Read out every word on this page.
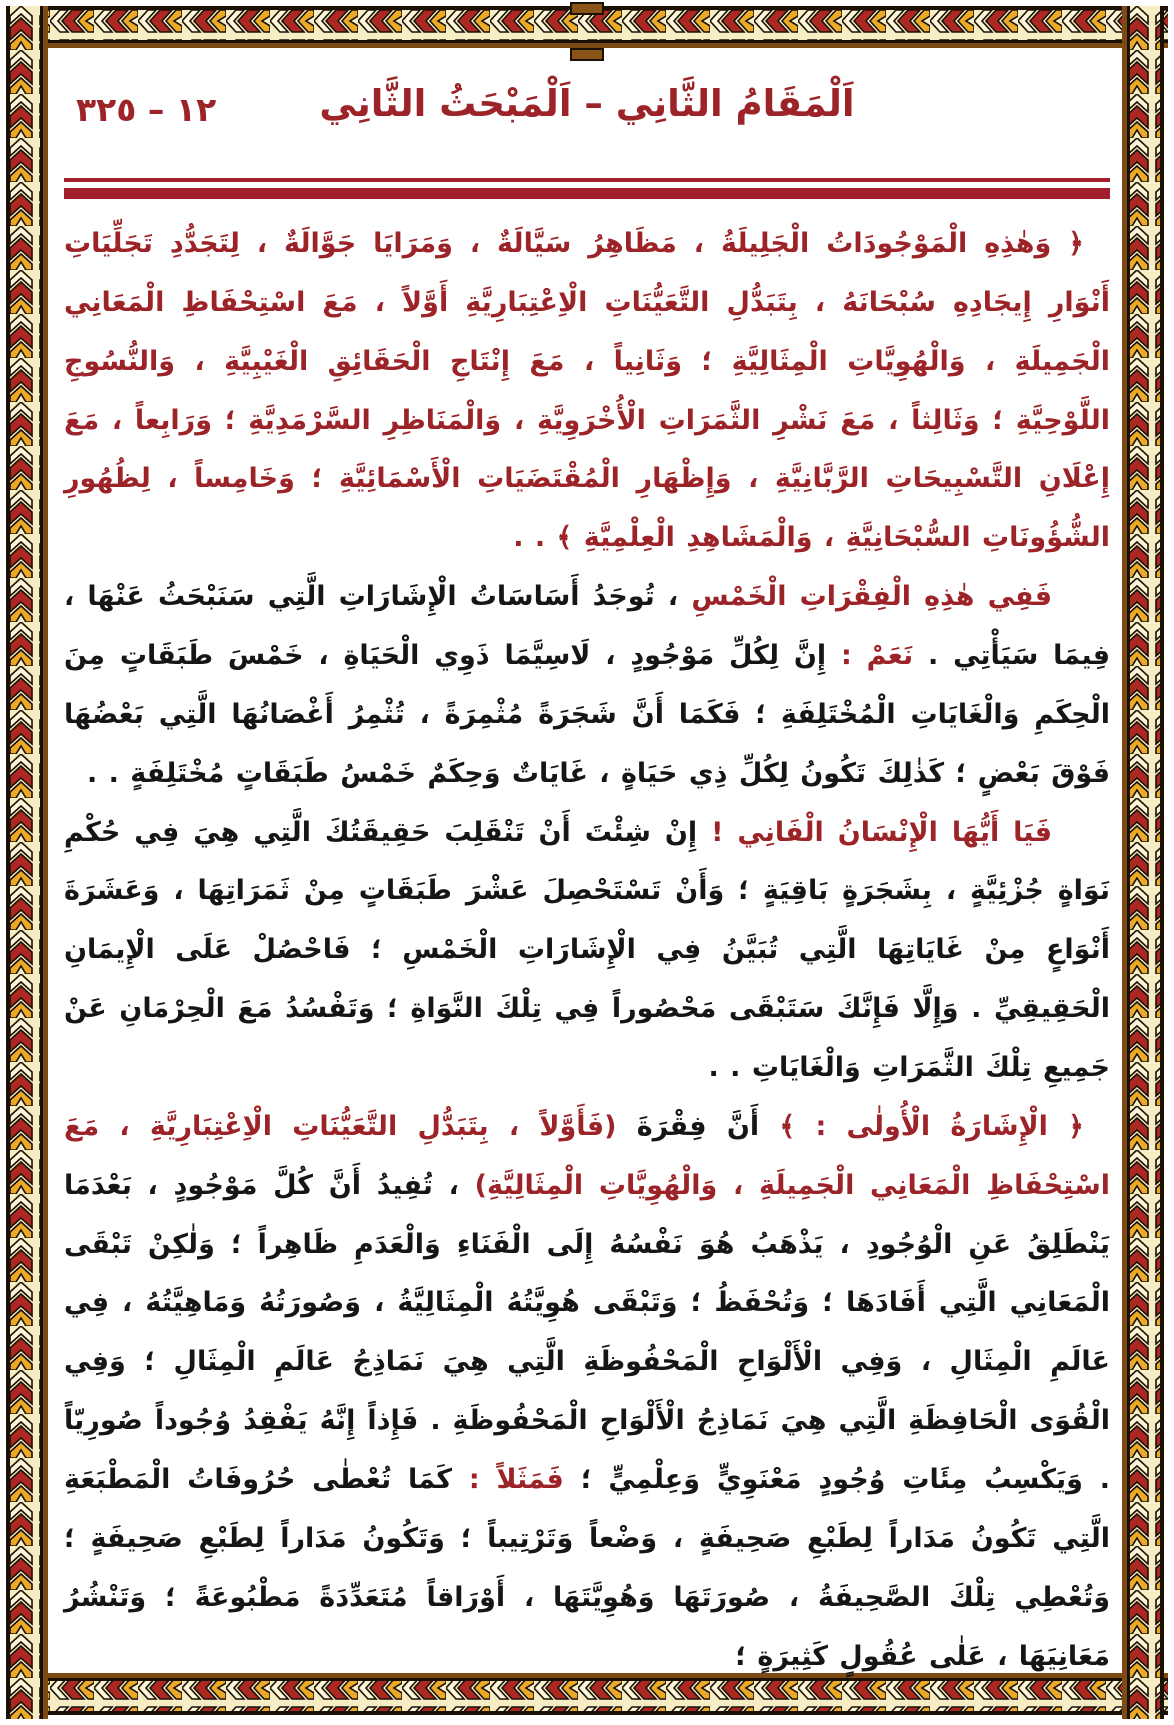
١٢ – ٣٢٥	اَلْمَقَامُ الثَّانِي – اَلْمَبْحَثُ الثَّانِي

﴿ وَهٰذِهِ الْمَوْجُودَاتُ الْجَلِيلَةُ ، مَظَاهِرُ سَيَّالَةٌ ، وَمَرَايَا جَوَّالَةٌ ، لِتَجَدُّدِ تَجَلِّيَاتِ أَنْوَارِ إِيجَادِهِ سُبْحَانَهُ ، بِتَبَدُّلِ التَّعَيُّنَاتِ الْاِعْتِبَارِيَّةِ أَوَّلاً ، مَعَ اسْتِحْفَاظِ الْمَعَانِي الْجَمِيلَةِ ، وَالْهُوِيَّاتِ الْمِثَالِيَّةِ ؛ وَثَانِياً ، مَعَ إِنْتَاجِ الْحَقَائِقِ الْغَيْبِيَّةِ ، وَالنُّسُوجِ اللَّوْحِيَّةِ ؛ وَثَالِثاً ، مَعَ نَشْرِ الثَّمَرَاتِ الْأُخْرَوِيَّةِ ، وَالْمَنَاظِرِ السَّرْمَدِيَّةِ ؛ وَرَابِعاً ، مَعَ إِعْلَانِ التَّسْبِيحَاتِ الرَّبَّانِيَّةِ ، وَإِظْهَارِ الْمُقْتَضَيَاتِ الْأَسْمَائِيَّةِ ؛ وَخَامِساً ، لِظُهُورِ الشُّؤُونَاتِ السُّبْحَانِيَّةِ ، وَالْمَشَاهِدِ الْعِلْمِيَّةِ ﴾ . .

فَفِي هٰذِهِ الْفِقْرَاتِ الْخَمْسِ ، تُوجَدُ أَسَاسَاتُ الْإِشَارَاتِ الَّتِي سَنَبْحَثُ عَنْهَا ، فِيمَا سَيَأْتِي . نَعَمْ : إِنَّ لِكُلِّ مَوْجُودٍ ، لَاسِيَّمَا ذَوِي الْحَيَاةِ ، خَمْسَ طَبَقَاتٍ مِنَ الْحِكَمِ وَالْغَايَاتِ الْمُخْتَلِفَةِ ؛ فَكَمَا أَنَّ شَجَرَةً مُثْمِرَةً ، تُثْمِرُ أَغْصَانُهَا الَّتِي بَعْضُهَا فَوْقَ بَعْضٍ ؛ كَذٰلِكَ تَكُونُ لِكُلِّ ذِي حَيَاةٍ ، غَايَاتٌ وَحِكَمٌ خَمْسُ طَبَقَاتٍ مُخْتَلِفَةٍ . .

فَيَا أَيُّهَا الْإِنْسَانُ الْفَانِي ! إِنْ شِئْتَ أَنْ تَنْقَلِبَ حَقِيقَتُكَ الَّتِي هِيَ فِي حُكْمِ نَوَاةٍ جُزْئِيَّةٍ ، بِشَجَرَةٍ بَاقِيَةٍ ؛ وَأَنْ تَسْتَحْصِلَ عَشْرَ طَبَقَاتٍ مِنْ ثَمَرَاتِهَا ، وَعَشَرَةَ أَنْوَاعٍ مِنْ غَايَاتِهَا الَّتِي تُبَيَّنُ فِي الْإِشَارَاتِ الْخَمْسِ ؛ فَاحْصُلْ عَلَى الْإِيمَانِ الْحَقِيقِيِّ . وَإِلَّا فَإِنَّكَ سَتَبْقَى مَحْصُوراً فِي تِلْكَ النَّوَاةِ ؛ وَتَفْسُدُ مَعَ الْحِرْمَانِ عَنْ جَمِيعِ تِلْكَ الثَّمَرَاتِ وَالْغَايَاتِ . .

﴿ الْإِشَارَةُ الْأُولٰى : ﴾ أَنَّ فِقْرَةَ (فَأَوَّلاً ، بِتَبَدُّلِ التَّعَيُّنَاتِ الْاِعْتِبَارِيَّةِ ، مَعَ اسْتِحْفَاظِ الْمَعَانِي الْجَمِيلَةِ ، وَالْهُوِيَّاتِ الْمِثَالِيَّةِ) ، تُفِيدُ أَنَّ كُلَّ مَوْجُودٍ ، بَعْدَمَا يَنْطَلِقُ عَنِ الْوُجُودِ ، يَذْهَبُ هُوَ نَفْسُهُ إِلَى الْفَنَاءِ وَالْعَدَمِ ظَاهِراً ؛ وَلٰكِنْ تَبْقَى الْمَعَانِي الَّتِي أَفَادَهَا ؛ وَتُحْفَظُ ؛ وَتَبْقَى هُوِيَّتُهُ الْمِثَالِيَّةُ ، وَصُورَتُهُ وَمَاهِيَّتُهُ ، فِي عَالَمِ الْمِثَالِ ، وَفِي الْأَلْوَاحِ الْمَحْفُوظَةِ الَّتِي هِيَ نَمَاذِجُ عَالَمِ الْمِثَالِ ؛ وَفِي الْقُوَى الْحَافِظَةِ الَّتِي هِيَ نَمَاذِجُ الْأَلْوَاحِ الْمَحْفُوظَةِ . فَإِذاً إِنَّهُ يَفْقِدُ وُجُوداً صُورِيّاً . وَيَكْسِبُ مِئَاتِ وُجُودٍ مَعْنَوِيٍّ وَعِلْمِيٍّ ؛ فَمَثَلاً : كَمَا تُعْطٰى حُرُوفَاتُ الْمَطْبَعَةِ الَّتِي تَكُونُ مَدَاراً لِطَبْعِ صَحِيفَةٍ ، وَضْعاً وَتَرْتِيباً ؛ وَتَكُونُ مَدَاراً لِطَبْعِ صَحِيفَةٍ ؛ وَتُعْطِي تِلْكَ الصَّحِيفَةُ ، صُورَتَهَا وَهُوِيَّتَهَا ، أَوْرَاقاً مُتَعَدِّدَةً مَطْبُوعَةً ؛ وَتَنْشُرُ مَعَانِيَهَا ، عَلٰى عُقُولٍ كَثِيرَةٍ ؛
